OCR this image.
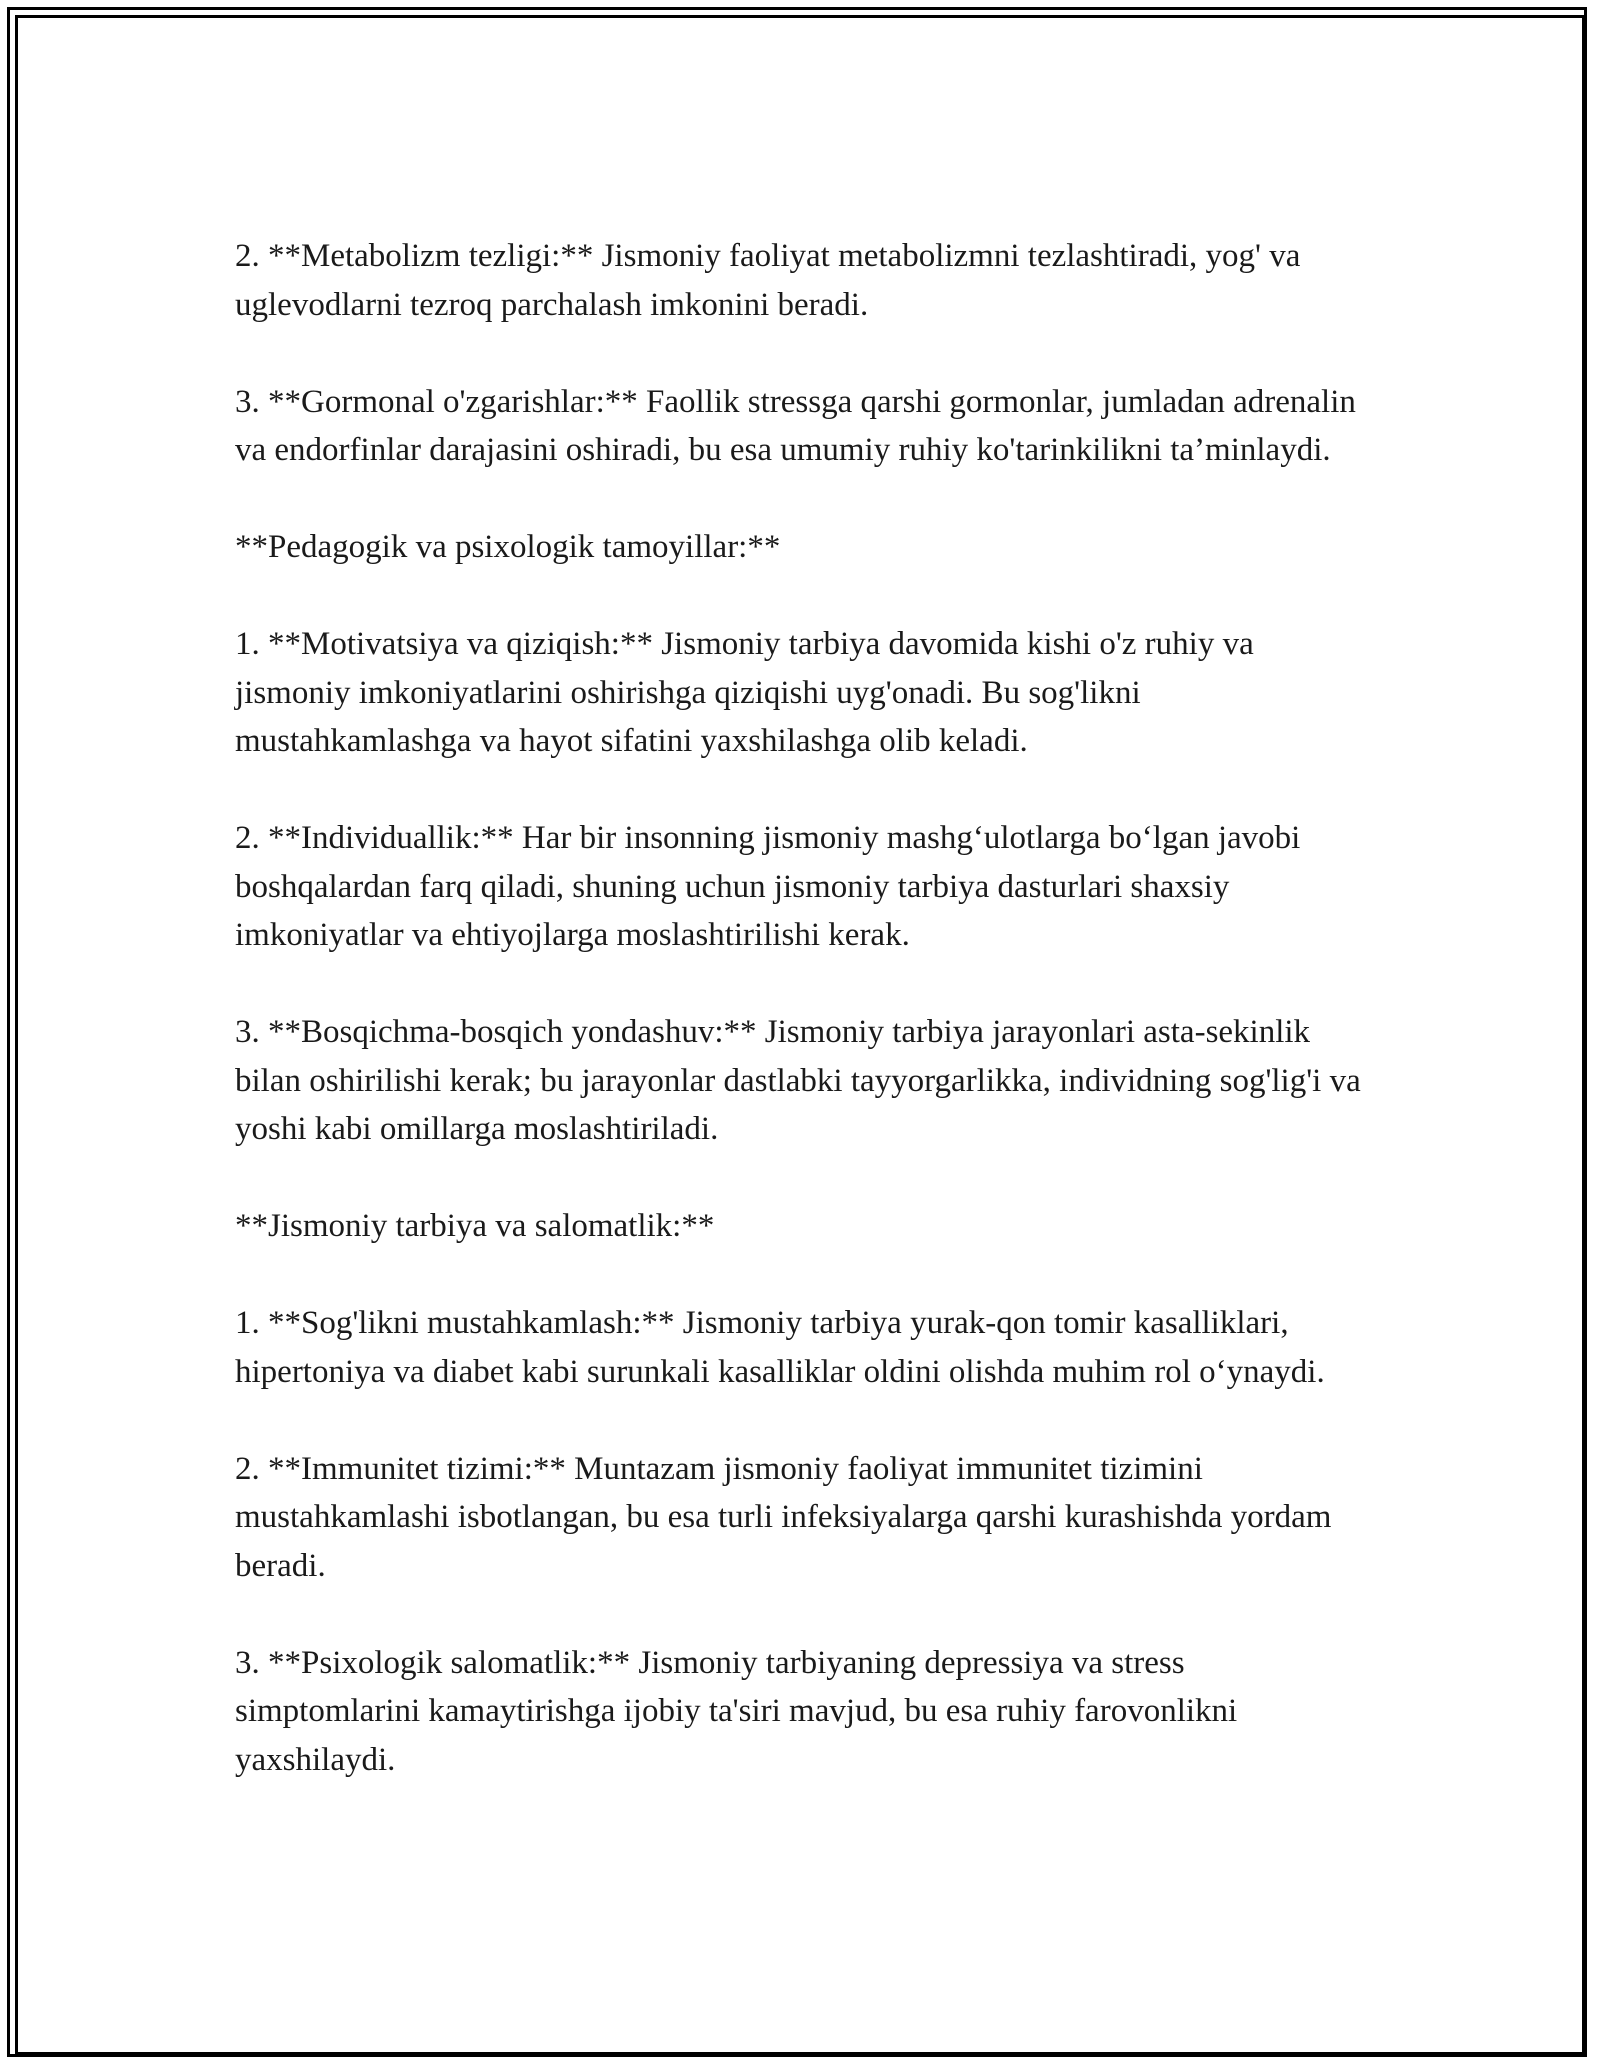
2. **Metabolizm tezligi:** Jismoniy faoliyat metabolizmni tezlashtiradi, yog' va uglevodlarni tezroq parchalash imkonini beradi.

3. **Gormonal o'zgarishlar:** Faollik stressga qarshi gormonlar, jumladan adrenalin va endorfinlar darajasini oshiradi, bu esa umumiy ruhiy ko'tarinkilikni ta’minlaydi.

**Pedagogik va psixologik tamoyillar:**

1. **Motivatsiya va qiziqish:** Jismoniy tarbiya davomida kishi o'z ruhiy va jismoniy imkoniyatlarini oshirishga qiziqishi uyg'onadi. Bu sog'likni mustahkamlashga va hayot sifatini yaxshilashga olib keladi.

2. **Individuallik:** Har bir insonning jismoniy mashg‘ulotlarga bo‘lgan javobi boshqalardan farq qiladi, shuning uchun jismoniy tarbiya dasturlari shaxsiy imkoniyatlar va ehtiyojlarga moslashtirilishi kerak.

3. **Bosqichma-bosqich yondashuv:** Jismoniy tarbiya jarayonlari asta-sekinlik bilan oshirilishi kerak; bu jarayonlar dastlabki tayyorgarlikka, individning sog'lig'i va yoshi kabi omillarga moslashtiriladi.

**Jismoniy tarbiya va salomatlik:**

1. **Sog'likni mustahkamlash:** Jismoniy tarbiya yurak-qon tomir kasalliklari, hipertoniya va diabet kabi surunkali kasalliklar oldini olishda muhim rol o‘ynaydi.

2. **Immunitet tizimi:** Muntazam jismoniy faoliyat immunitet tizimini mustahkamlashi isbotlangan, bu esa turli infeksiyalarga qarshi kurashishda yordam beradi.

3. **Psixologik salomatlik:** Jismoniy tarbiyaning depressiya va stress simptomlarini kamaytirishga ijobiy ta'siri mavjud, bu esa ruhiy farovonlikni yaxshilaydi.
